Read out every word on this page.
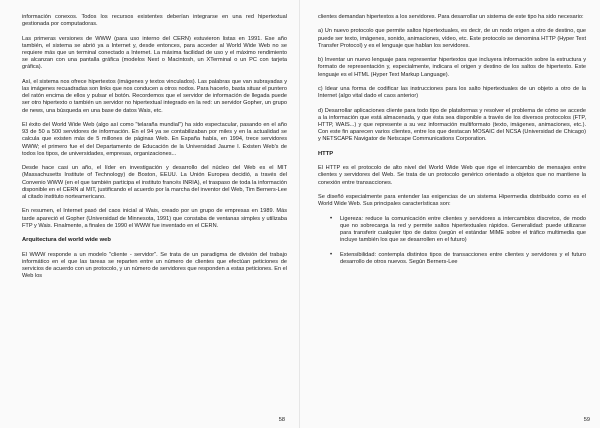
información conexos. Todos los recursos existentes deberían integrarse en una red hipertextual gestionada por computadoras.

Las primeras versiones de WWW (para uso interno del CERN) estuvieron listas en 1991. Ese año también, el sistema se abrió ya a Internet y, desde entonces, para acceder al World Wide Web no se requiere más que un terminal conectado a Internet. La máxima facilidad de uso y el máximo rendimiento se alcanzan con una pantalla gráfica (modelos Next o Macintosh, un XTerminal o un PC con tarjeta gráfica).

Así, el sistema nos ofrece hipertextos (imágenes y textos vinculados). Las palabras que van subrayadas y las imágenes recuadradas son links que nos conducen a otros nodos. Para hacerlo, basta situar el puntero del ratón encima de ellos y pulsar el botón. Recordemos que el servidor de información de llegada puede ser otro hipertexto o también un servidor no hipertextual integrado en la red: un servidor Gopher, un grupo de news, una búsqueda en una base de datos Wais, etc.

El éxito del World Wide Web (algo así como "telaraña mundial") ha sido espectacular, pasando en el año 93 de 50 a 500 servidores de información. En el 94 ya se contabilizaban por miles y en la actualidad se calcula que existen más de 5 millones de páginas Web. En España había, en 1994, trece servidores WWW; el primero fue el del Departamento de Educación de la Universidad Jaume I. Existen Web's de todos los tipos, de universidades, empresas, organizaciones...

Desde hace casi un año, el líder en investigación y desarrollo del núcleo del Web es el MIT (Massachusetts Institute of Technology) de Boston, EEUU. La Unión Europea decidió, a través del Convenio WWW (en el que también participa el instituto francés INRIA), el traspaso de toda la información disponible en el CERN al MIT, justificando el acuerdo por la marcha del inventor del Web, Tim Berners-Lee al citado instituto norteamericano.

En resumen, el Internet pasó del caos inicial al Wais, creado por un grupo de empresas en 1989. Más tarde apareció el Gopher (Universidad de Minnesota, 1991) que constaba de ventanas simples y utilizaba FTP y Wais. Finalmente, a finales de 1990 el WWW fue inventado en el CERN.

Arquitectura del world wide web

El WWW responde a un modelo "cliente - servidor". Se trata de un paradigma de división del trabajo informático en el que las tareas se reparten entre un número de clientes que efectúan peticiones de servicios de acuerdo con un protocolo, y un número de servidores que responden a estas peticiones. En el Web los

58

clientes demandan hipertextos a los servidores. Para desarrollar un sistema de este tipo ha sido necesario:

a) Un nuevo protocolo que permite saltos hipertextuales, es decir, de un nodo origen a otro de destino, que puede ser texto, imágenes, sonido, animaciones, vídeo, etc. Este protocolo se denomina HTTP (Hyper Text Transfer Protocol) y es el lenguaje que hablan los servidores.

b) Inventar un nuevo lenguaje para representar hipertextos que incluyera información sobre la estructura y formato de representación y, especialmente, indicara el origen y destino de los saltos de hipertexto. Este lenguaje es el HTML (Hyper Text Markup Language).

c) Idear una forma de codificar las instrucciones para los salto hipertextuales de un objeto a otro de la Internet (algo vital dado el caos anterior)

d) Desarrollar aplicaciones cliente para todo tipo de plataformas y resolver el problema de cómo se accede a la información que está almacenada, y que ésta sea disponible a través de los diversos protocolos (FTP, HTTP, WAIS...) y que represente a su vez información multiformato (texto, imágenes, animaciones, etc.). Con este fin aparecen varios clientes, entre los que destacan MOSAIC del NCSA (Universidad de Chicago) y NETSCAPE Navigator de Netscape Communications Corporation.

HTTP

El HTTP es el protocolo de alto nivel del World Wide Web que rige el intercambio de mensajes entre clientes y servidores del Web. Se trata de un protocolo genérico orientado a objetos que no mantiene la conexión entre transacciones.

Se diseñó especialmente para entender las exigencias de un sistema Hipermedia distribuido como es el World Wide Web. Sus principales características son:

• Ligereza: reduce la comunicación entre clientes y servidores a intercambios discretos, de modo que no sobrecarga la red y permite saltos hipertextuales rápidos. Generalidad: puede utilizarse para transferir cualquier tipo de datos (según el estándar MIME sobre el tráfico multimedia que incluye también los que se desarrollen en el futuro)
• Extensibilidad: contempla distintos tipos de transacciones entre clientes y servidores y el futuro desarrollo de otros nuevos. Según Berners-Lee
59
